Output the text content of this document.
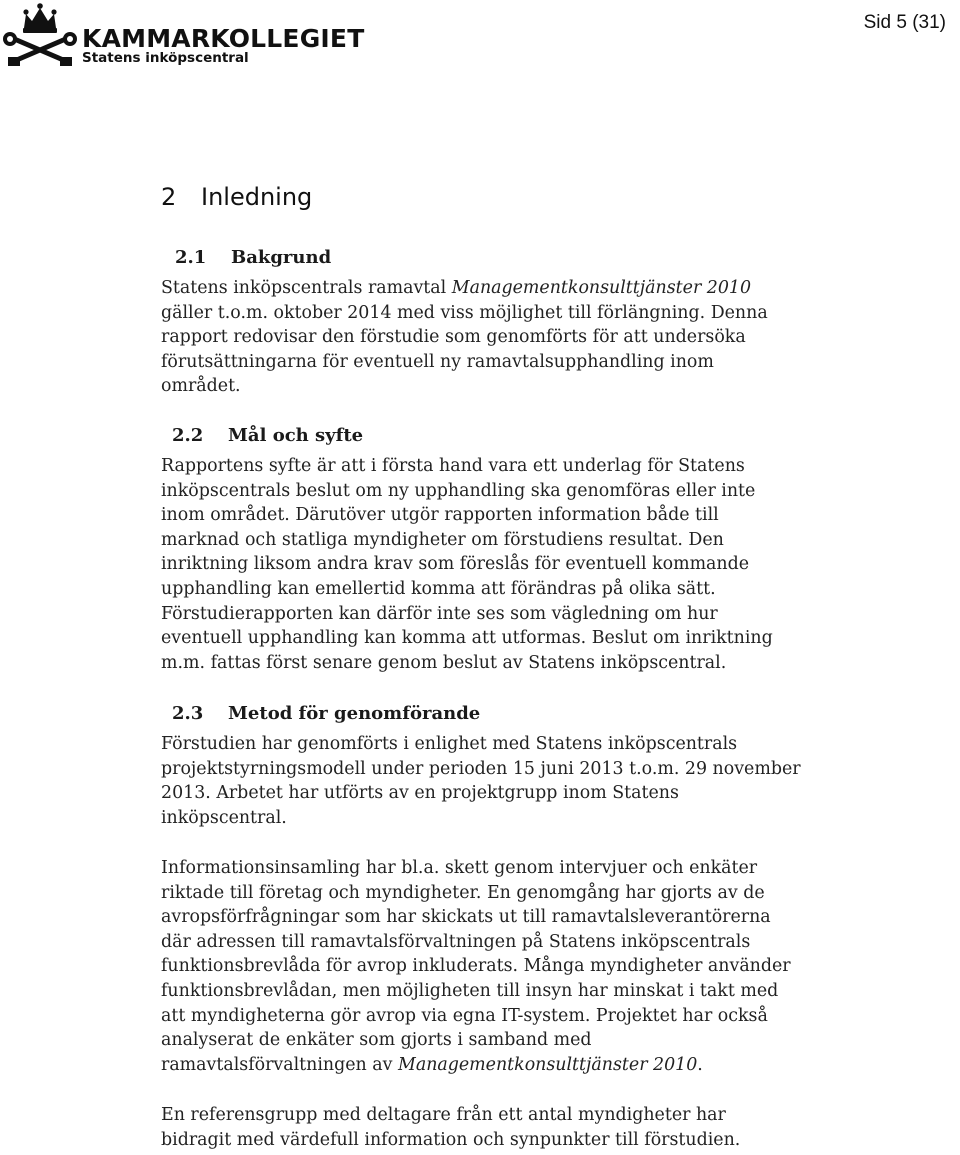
KAMMARKOLLEGIET
Statens inköpscentral
Sid 5 (31)
2 Inledning
2.1 Bakgrund

Statens inköpscentrals ramavtal Managementkonsulttjänster 2010
gäller t.o.m. oktober 2014 med viss möjlighet till förlängning. Denna
rapport redovisar den förstudie som genomförts för att undersöka
förutsättningarna för eventuell ny ramavtalsupphandling inom
området.

2.2 Mål och syfte

Rapportens syfte är att i första hand vara ett underlag för Statens
inköpscentrals beslut om ny upphandling ska genomföras eller inte
inom området. Därutöver utgör rapporten information både till
marknad och statliga myndigheter om förstudiens resultat. Den
inriktning liksom andra krav som föreslås för eventuell kommande
upphandling kan emellertid komma att förändras på olika sätt.
Förstudierapporten kan därför inte ses som vägledning om hur
eventuell upphandling kan komma att utformas. Beslut om inriktning
m.m. fattas först senare genom beslut av Statens inköpscentral.

2.3 Metod för genomförande

Förstudien har genomförts i enlighet med Statens inköpscentrals
projektstyrningsmodell under perioden 15 juni 2013 t.o.m. 29 november
2013. Arbetet har utförts av en projektgrupp inom Statens
inköpscentral.

Informationsinsamling har bl.a. skett genom intervjuer och enkäter
riktade till företag och myndigheter. En genomgång har gjorts av de
avropsförfrågningar som har skickats ut till ramavtalsleverantörerna
där adressen till ramavtalsförvaltningen på Statens inköpscentrals
funktionsbrevlåda för avrop inkluderats. Många myndigheter använder
funktionsbrevlådan, men möjligheten till insyn har minskat i takt med
att myndigheterna gör avrop via egna IT-system. Projektet har också
analyserat de enkäter som gjorts i samband med
ramavtalsförvaltningen av Managementkonsulttjänster 2010.

En referensgrupp med deltagare från ett antal myndigheter har
bidragit med värdefull information och synpunkter till förstudien.
